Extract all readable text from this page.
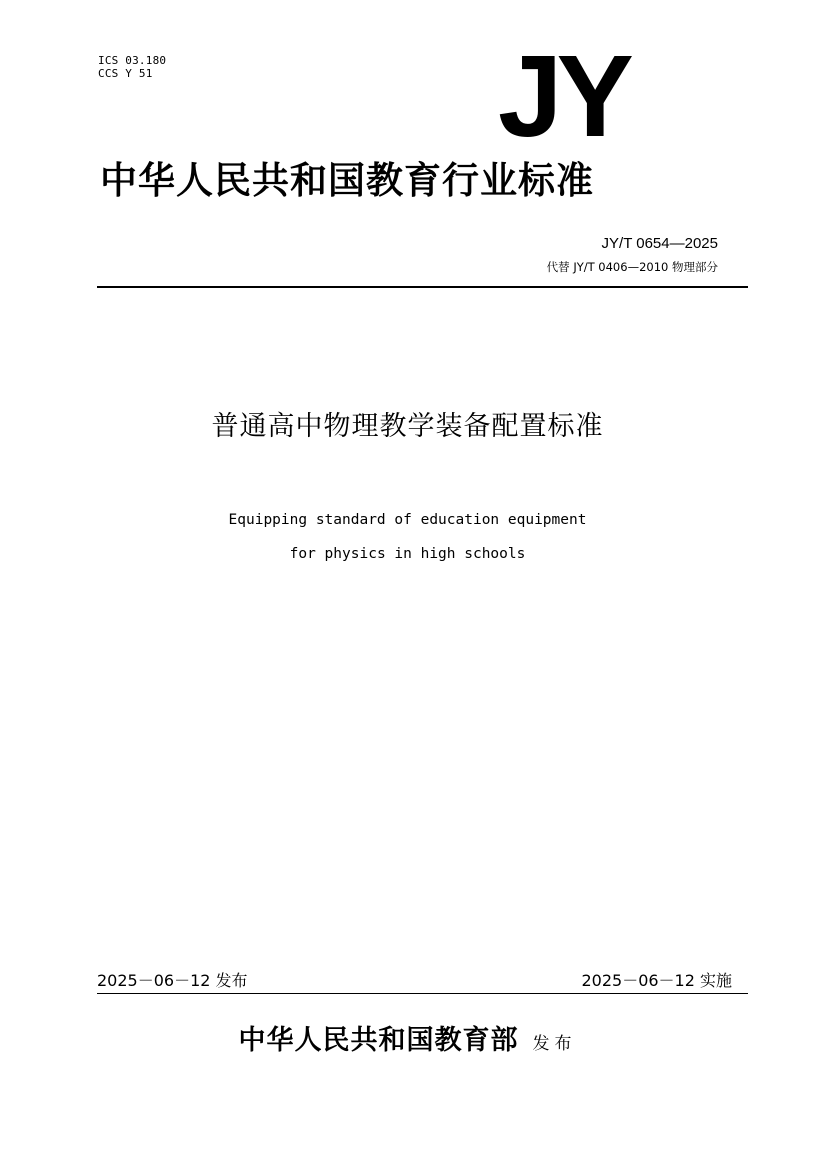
ICS 03.180
CCS Y 51	JY
中华人民共和国教育行业标准
JY/T 0654—2025
代替 JY/T 0406—2010 物理部分
普通高中物理教学装备配置标准
Equipping standard of education equipment
for physics in high schools
2025－06－12 发布	2025－06－12 实施
中华人民共和国教育部 发布
